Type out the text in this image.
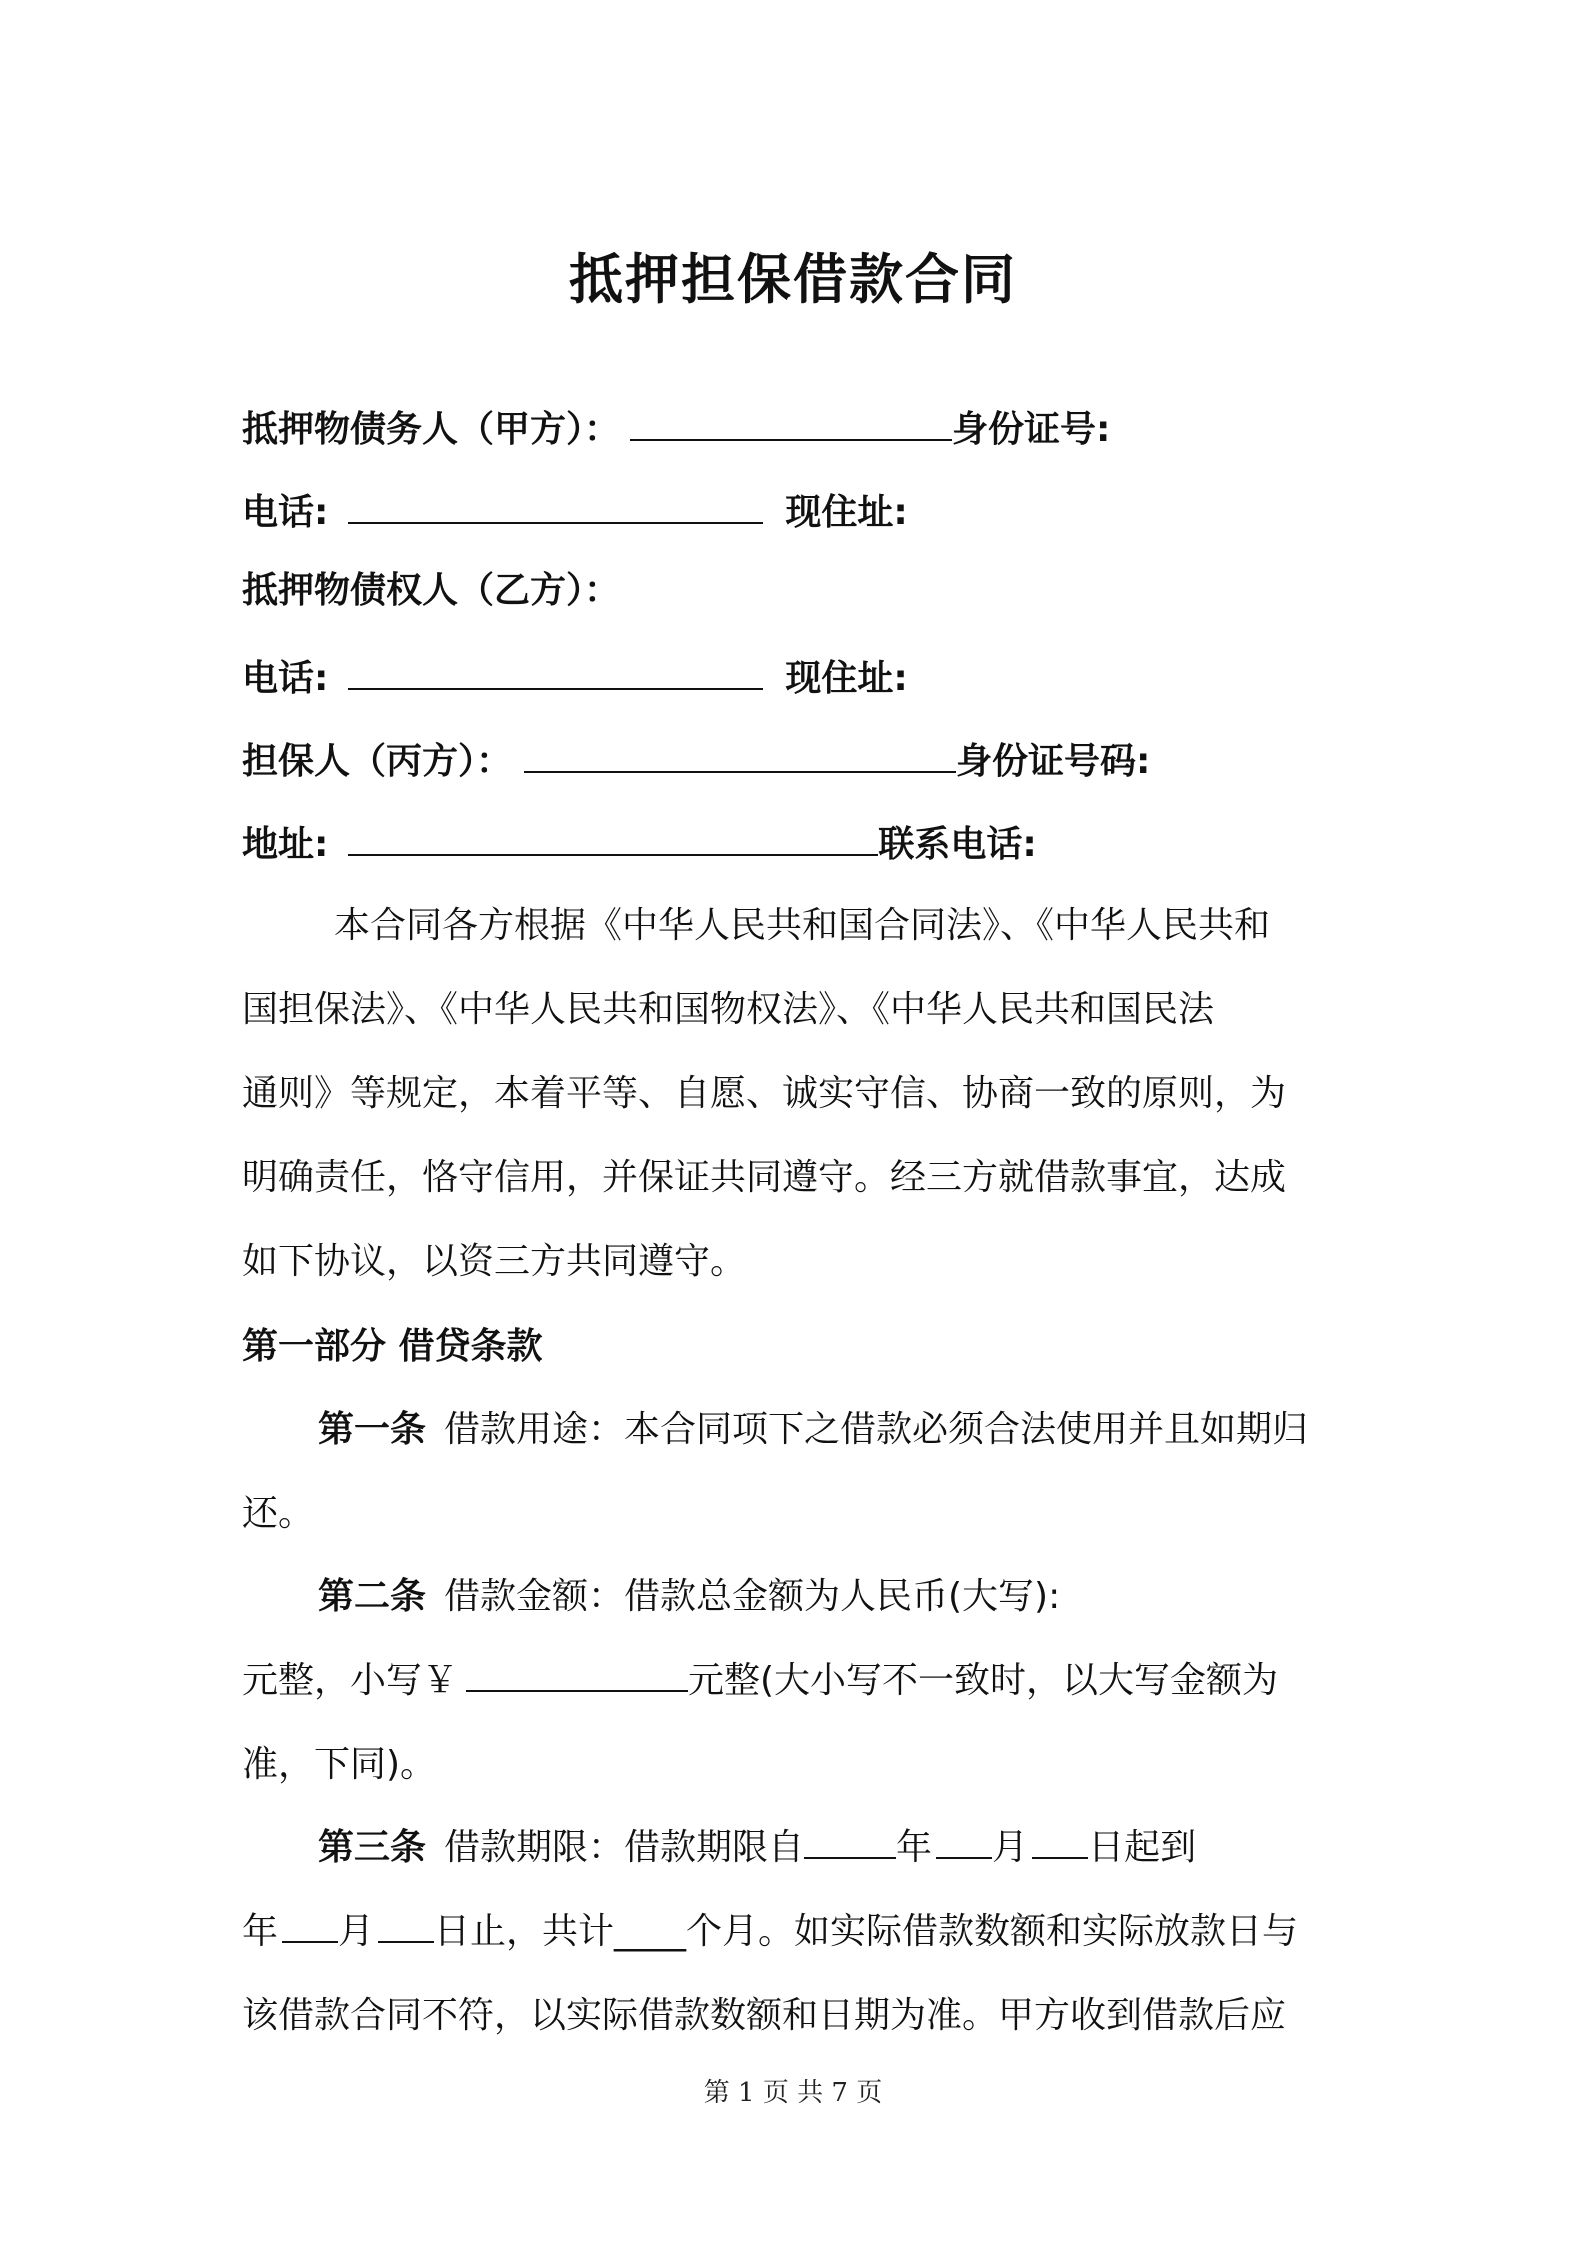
抵押担保借款合同
抵押物债务人（甲方）：	身份证号:
电话:	现住址:
抵押物债权人（乙方）：
电话:	现住址:
担保人（丙方）：	身份证号码:
地址:	联系电话:
本合同各方根据《中华人民共和国合同法》、《中华人民共和
国担保法》、《中华人民共和国物权法》、《中华人民共和国民法
通则》等规定，本着平等、自愿、诚实守信、协商一致的原则，为
明确责任，恪守信用，并保证共同遵守。经三方就借款事宜，达成
如下协议，以资三方共同遵守。
第一部分 借贷条款
第一条 借款用途：本合同项下之借款必须合法使用并且如期归
还。
第二条 借款金额：借款总金额为人民币(大写):
元整，小写￥	元整(大小写不一致时，以大写金额为
准，下同)。
第三条 借款期限：借款期限自	年 月 日起到
年 月 日止，共计____个月。如实际借款数额和实际放款日与
该借款合同不符，以实际借款数额和日期为准。甲方收到借款后应
第 1 页 共 7 页
